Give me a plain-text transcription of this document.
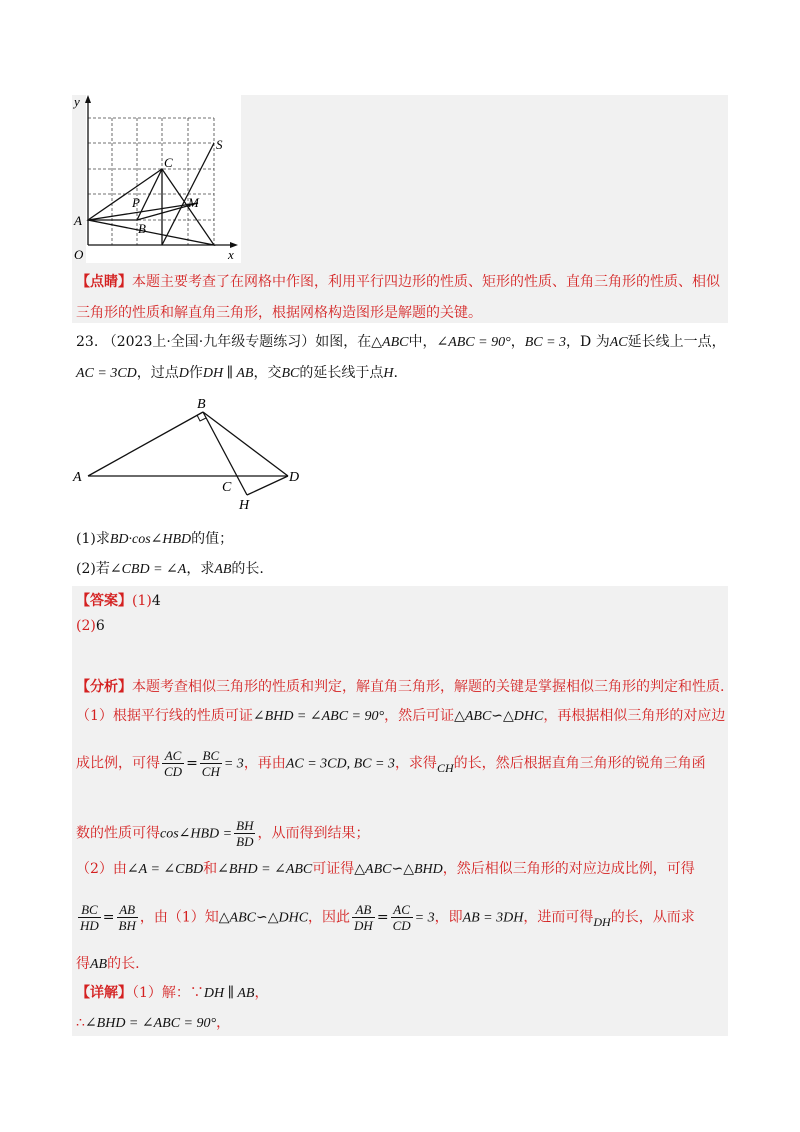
y
x
O
A
B
C
P	M
S
【点睛】本题主要考查了在网格中作图，利用平行四边形的性质、矩形的性质、直角三角形的性质、相似
三角形的性质和解直角三角形，根据网格构造图形是解题的关键。
23. （2023上·全国·九年级专题练习）如图，在△ABC中，∠ABC = 90°，BC = 3，D 为AC延长线上一点，
AC = 3CD，过点D作DH ∥ AB，交BC的延长线于点H.
A
B
C
D
H
(1)求BD·cos∠HBD的值；
(2)若∠CBD = ∠A，求AB的长.
【答案】(1)4
(2)6
【分析】本题考查相似三角形的性质和判定，解直角三角形，解题的关键是掌握相似三角形的判定和性质.
（1）根据平行线的性质可证∠BHD = ∠ABC = 90°，然后可证△ABC∽△DHC，再根据相似三角形的对应边
成比例，可得 $\frac{AC}{CD} = \frac{BC}{CH} = 3$，再由AC = 3CD, BC = 3，求得CH的长，然后根据直角三角形的锐角三角函
数的性质可得cos∠HBD = $\frac{BH}{BD}$ ，从而得到结果；
（2）由∠A = ∠CBD和∠BHD = ∠ABC可证得△ABC∽△BHD，然后相似三角形的对应边成比例，可得
$\frac{BC}{HD} = \frac{AB}{BH}$ ，由（1）知△ABC∽△DHC，因此 $\frac{AB}{DH} = \frac{AC}{CD} = 3$，即AB = 3DH，进而可得DH的长，从而求
得AB的长.
【详解】（1）解：∵DH ∥ AB，
∴∠BHD = ∠ABC = 90°，
